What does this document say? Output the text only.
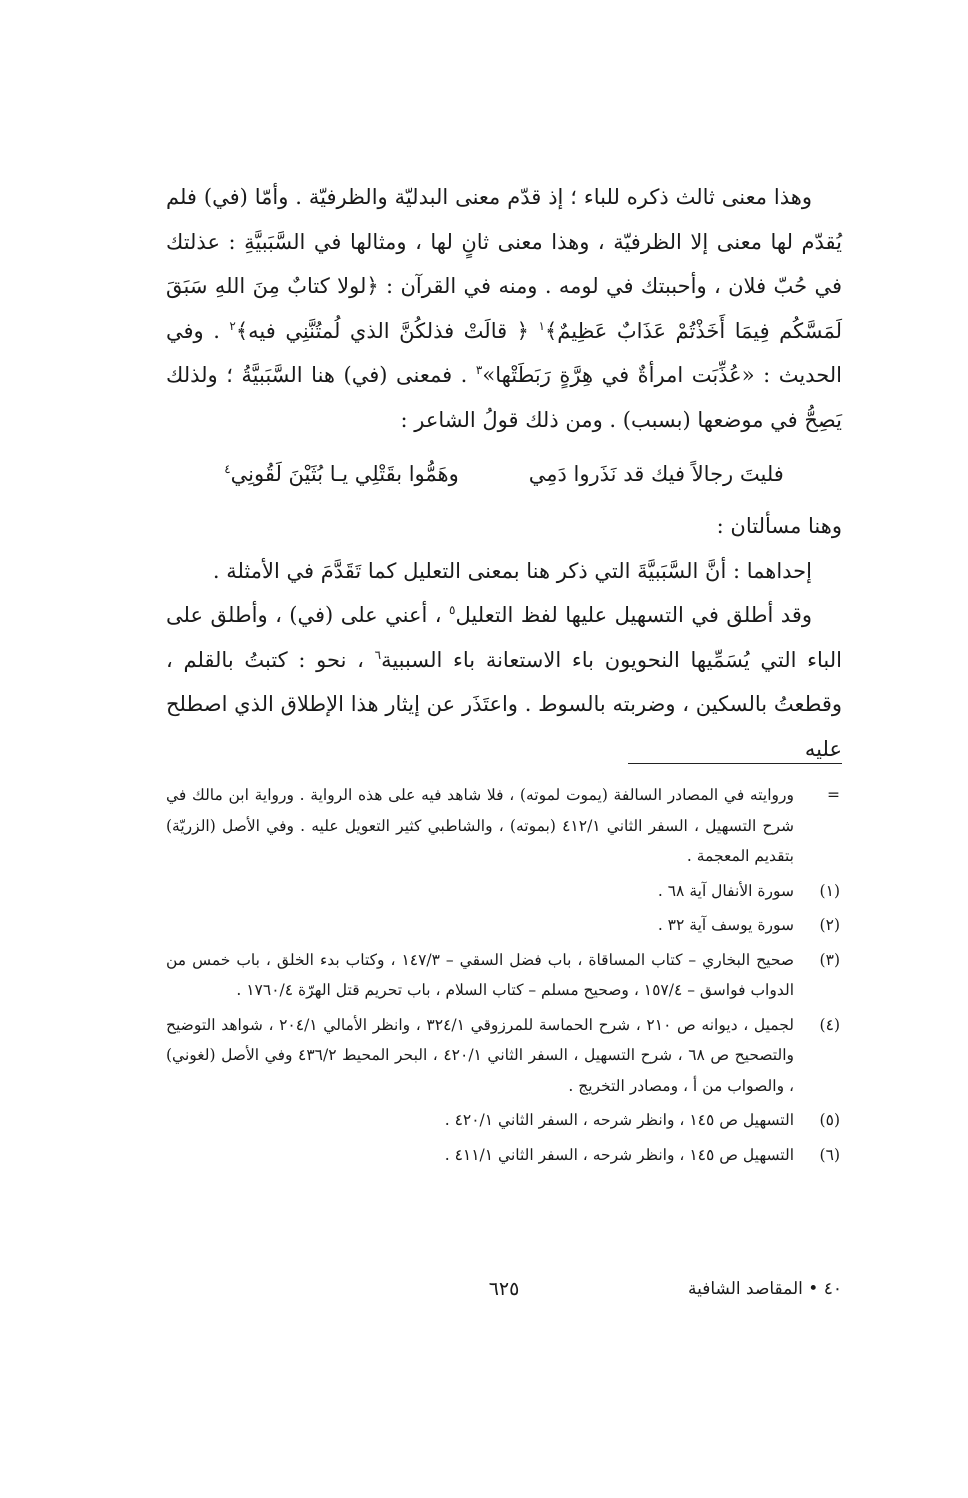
وهذا معنى ثالث ذكره للباء ؛ إذ قدّم معنى البدليّة والظرفيّة . وأمّا (في) فلم يُقدّم لها معنى إلا الظرفيّة ، وهذا معنى ثانٍ لها ، ومثالها في السَّبَبيَّةِ : عذلتك في حُبّ فلان ، وأحببتك في لومه . ومنه في القرآن : ﴿لولا كتابٌ مِنَ اللهِ سَبَقَ لَمَسَّكُم فِيمَا أَخَذْتُمْ عَذَابٌ عَظِيمٌ﴾$^١$ ﴿ قالَتْ فذلكُنَّ الذي لُمتُنَّنِي فيه﴾$^٢$ . وفي الحديث : «عُذِّبَت امرأةٌ في هِرَّةٍ رَبَطَتْها»$^٣$ . فمعنى (في) هنا السَّبَبيَّةُ ؛ ولذلك يَصِحُّ في موضعها (بسبب) . ومن ذلك قولُ الشاعر :

فليتَ رجالاً فيك قد نَذَروا دَمِي
وهَمُّوا بقَتْلِي يـا بُثَيْنَ لَقُونِي$^٤$

وهنا مسألتان :

إحداهما : أنَّ السَّبَبيَّةَ التي ذكر هنا بمعنى التعليل كما تَقَدَّمَ في الأمثلة .

وقد أطلق في التسهيل عليها لفظ التعليل$^٥$ ، أعني على (في) ، وأطلق على الباء التي يُسَمِّيها النحويون باء الاستعانة باء السببية$^٦$ ، نحو : كتبتُ بالقلم ، وقطعتُ بالسكين ، وضربته بالسوط . واعتَذَر عن إيثار هذا الإطلاق الذي اصطلح عليه

=
وروايته في المصادر السالفة (يموت لموته) ، فلا شاهد فيه على هذه الرواية . ورواية ابن مالك في شرح التسهيل ، السفر الثاني ٤١٢/١ (بموته) ، والشاطبي كثير التعويل عليه . وفي الأصل (الزريّة) بتقديم المعجمة .
(١)
سورة الأنفال آية ٦٨ .
(٢)
سورة يوسف آية ٣٢ .
(٣)
صحيح البخاري – كتاب المساقاة ، باب فضل السقي – ١٤٧/٣ ، وكتاب بدء الخلق ، باب خمس من الدواب فواسق – ١٥٧/٤ ، وصحيح مسلم – كتاب السلام ، باب تحريم قتل الهرّة ١٧٦٠/٤ .
(٤)
لجميل ، ديوانه ص ٢١٠ ، شرح الحماسة للمرزوقي ٣٢٤/١ ، وانظر الأمالي ٢٠٤/١ ، شواهد التوضيح والتصحيح ص ٦٨ ، شرح التسهيل ، السفر الثاني ٤٢٠/١ ، البحر المحيط ٤٣٦/٢ وفي الأصل (لغوني) ، والصواب من أ ، ومصادر التخريج .
(٥)
التسهيل ص ١٤٥ ، وانظر شرحه ، السفر الثاني ٤٢٠/١ .
(٦)
التسهيل ص ١٤٥ ، وانظر شرحه ، السفر الثاني ٤١١/١ .
٤٠ • المقاصد الشافية
٦٢٥
